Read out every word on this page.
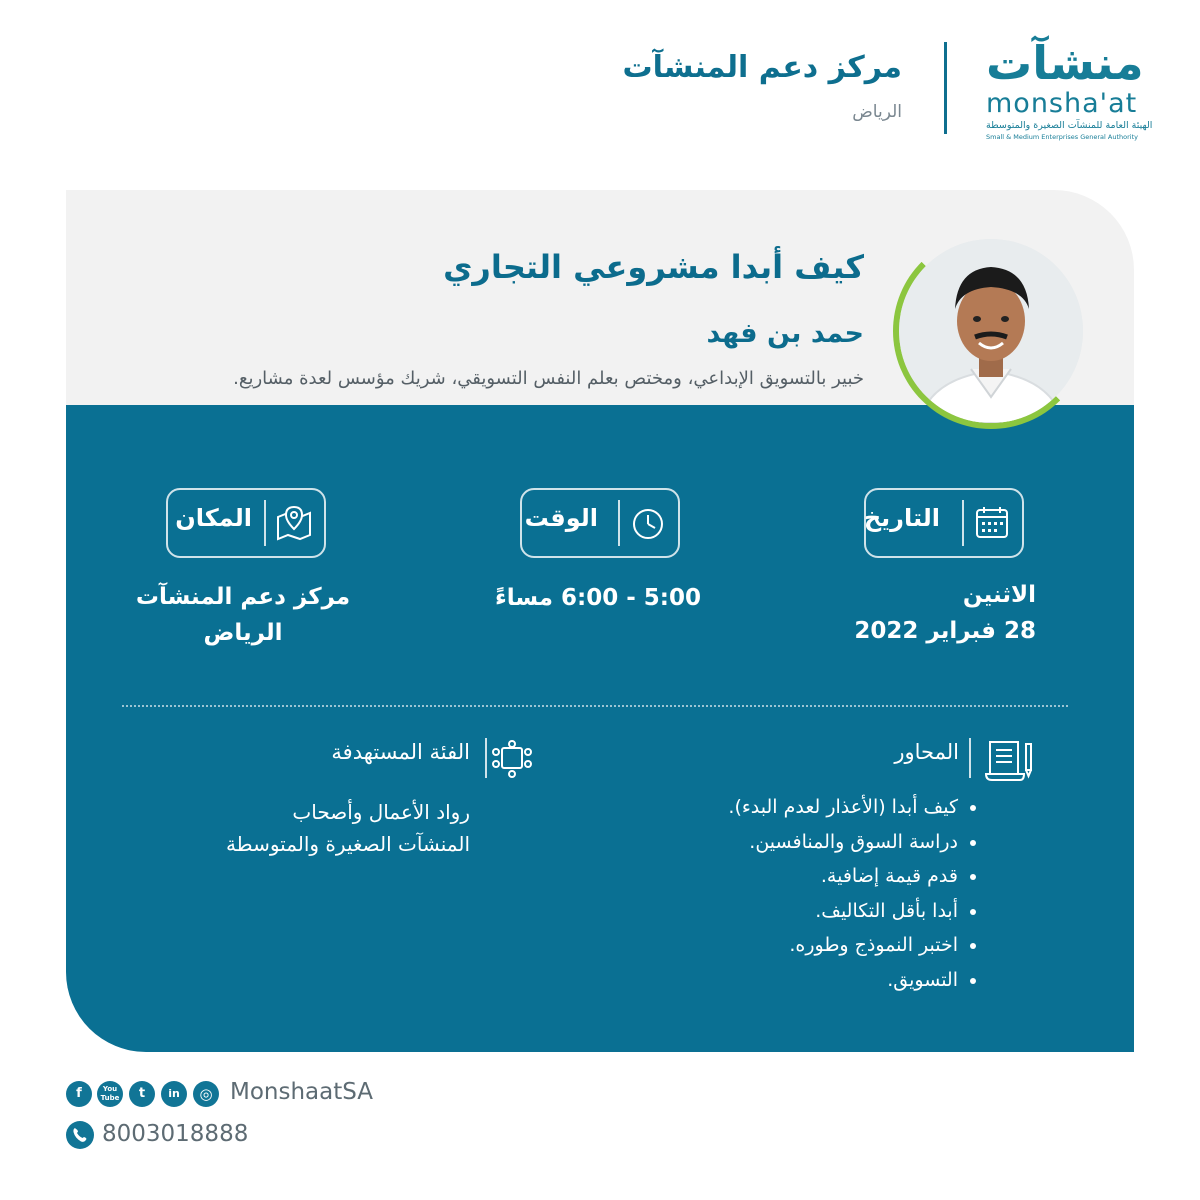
مركز دعم المنشآت
الرياض
منشآت
monsha'at
الهيئة العامة للمنشآت الصغيرة والمتوسطة
Small & Medium Enterprises General Authority
كيف أبدا مشروعي التجاري
حمد بن فهد
خبير بالتسويق الإبداعي، ومختص بعلم النفس التسويقي، شريك مؤسس لعدة مشاريع.
التاريخ
الاثنين
28 فبراير 2022
الوقت
5:00 - 6:00 مساءً
المكان
مركز دعم المنشآت
الرياض
المحاور
• كيف أبدا (الأعذار لعدم البدء).
• دراسة السوق والمنافسين.
• قدم قيمة إضافية.
• أبدا بأقل التكاليف.
• اختبر النموذج وطوره.
• التسويق.
الفئة المستهدفة
رواد الأعمال وأصحاب
المنشآت الصغيرة والمتوسطة
f	You Tube	t	in	◎ MonshaatSA
8003018888
